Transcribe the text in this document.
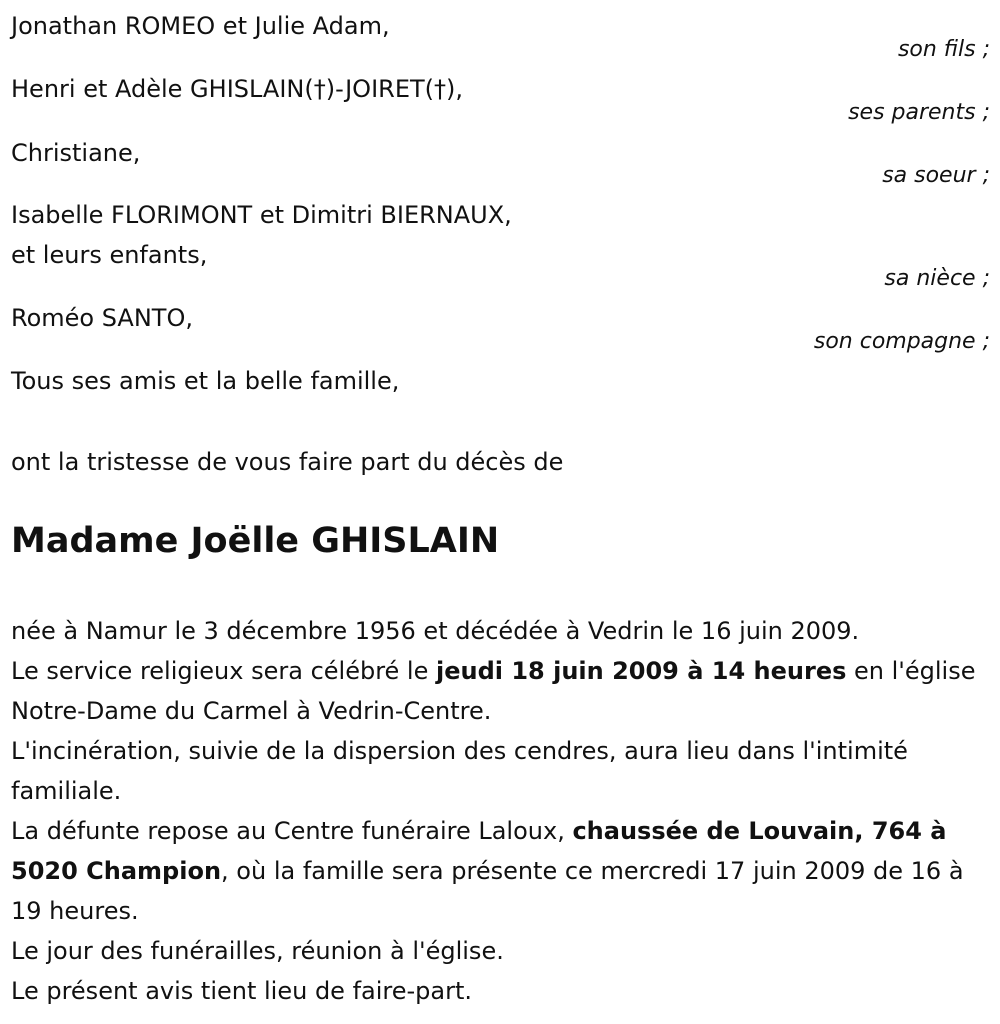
Jonathan ROMEO et Julie Adam,
son fils ;
Henri et Adèle GHISLAIN(†)-JOIRET(†),
ses parents ;
Christiane,
sa soeur ;
Isabelle FLORIMONT et Dimitri BIERNAUX,
et leurs enfants,
sa nièce ;
Roméo SANTO,
son compagne ;
Tous ses amis et la belle famille,
ont la tristesse de vous faire part du décès de
Madame Joëlle GHISLAIN

née à Namur le 3 décembre 1956 et décédée à Vedrin le 16 juin 2009.

Le service religieux sera célébré le jeudi 18 juin 2009 à 14 heures en l'église Notre-Dame du Carmel à Vedrin-Centre.

L'incinération, suivie de la dispersion des cendres, aura lieu dans l'intimité familiale.

La défunte repose au Centre funéraire Laloux, chaussée de Louvain, 764 à 5020 Champion, où la famille sera présente ce mercredi 17 juin 2009 de 16 à 19 heures.

Le jour des funérailles, réunion à l'église.

Le présent avis tient lieu de faire-part.
